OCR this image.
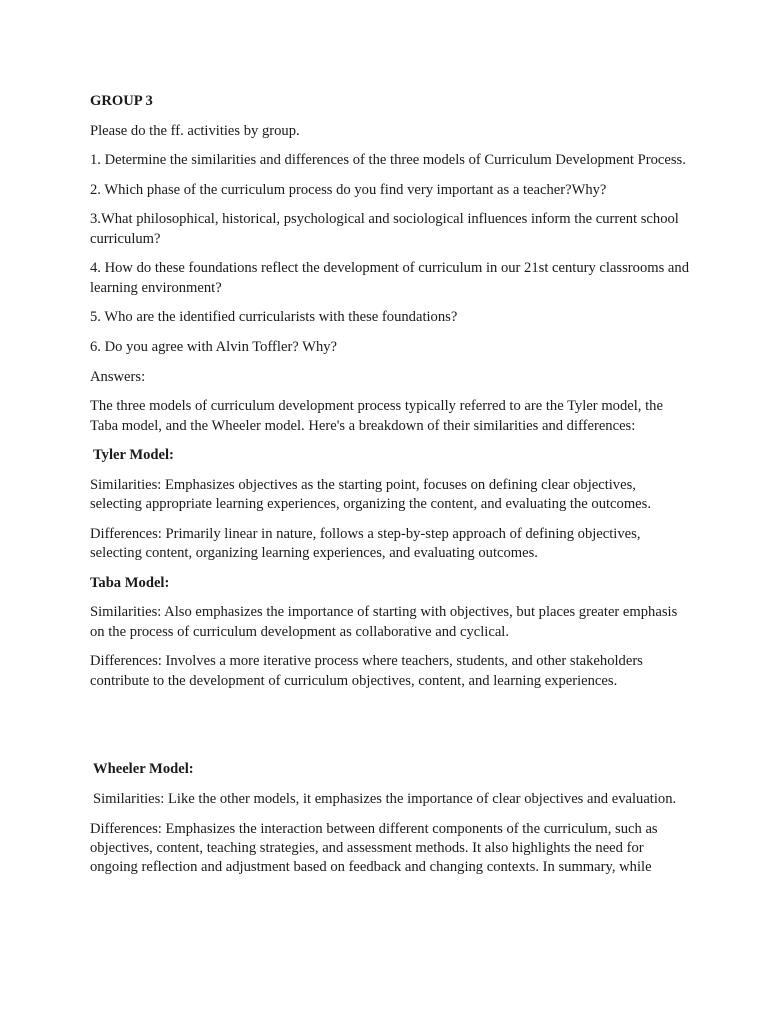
GROUP 3

Please do the ff. activities by group.

1. Determine the similarities and differences of the three models of Curriculum Development Process.

2. Which phase of the curriculum process do you find very important as a teacher?Why?

3.What philosophical, historical, psychological and sociological influences inform the current school curriculum?

4. How do these foundations reflect the development of curriculum in our 21st century classrooms and learning environment?

5. Who are the identified curricularists with these foundations?

6. Do you agree with Alvin Toffler? Why?

Answers:

The three models of curriculum development process typically referred to are the Tyler model, the Taba model, and the Wheeler model. Here's a breakdown of their similarities and differences:

Tyler Model:

Similarities: Emphasizes objectives as the starting point, focuses on defining clear objectives, selecting appropriate learning experiences, organizing the content, and evaluating the outcomes.

Differences: Primarily linear in nature, follows a step-by-step approach of defining objectives, selecting content, organizing learning experiences, and evaluating outcomes.

Taba Model:

Similarities: Also emphasizes the importance of starting with objectives, but places greater emphasis on the process of curriculum development as collaborative and cyclical.

Differences: Involves a more iterative process where teachers, students, and other stakeholders contribute to the development of curriculum objectives, content, and learning experiences.

Wheeler Model:

Similarities: Like the other models, it emphasizes the importance of clear objectives and evaluation.

Differences: Emphasizes the interaction between different components of the curriculum, such as objectives, content, teaching strategies, and assessment methods. It also highlights the need for ongoing reflection and adjustment based on feedback and changing contexts. In summary, while
